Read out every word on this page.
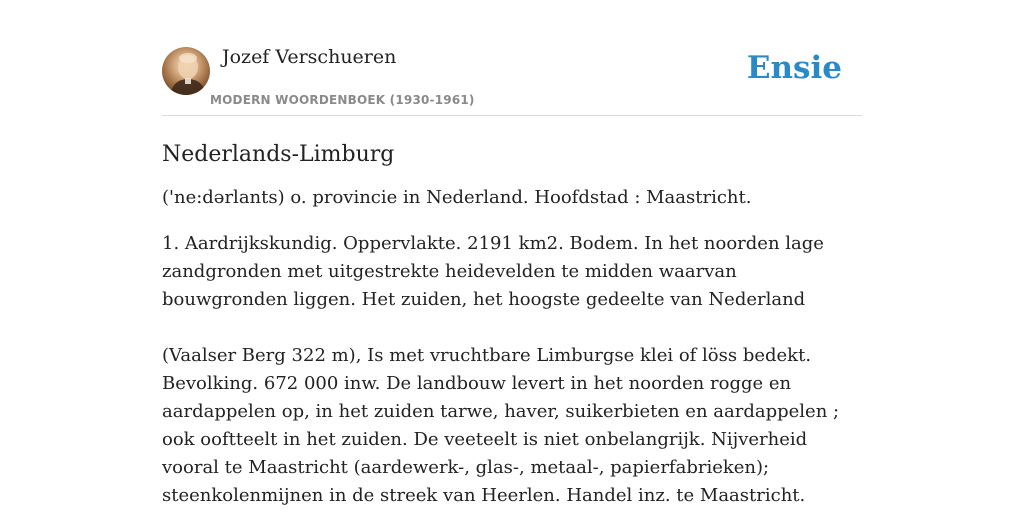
Jozef Verschueren
MODERN WOORDENBOEK (1930-1961)
Ensie
Nederlands-Limburg

('ne:dərlants) o. provincie in Nederland. Hoofdstad : Maastricht.

1. Aardrijkskundig. Oppervlakte. 2191 km2. Bodem. In het noorden lage zandgronden met uitgestrekte heidevelden te midden waarvan bouwgronden liggen. Het zuiden, het hoogste gedeelte van Nederland

(Vaalser Berg 322 m), Is met vruchtbare Limburgse klei of löss bedekt. Bevolking. 672 000 inw. De landbouw levert in het noorden rogge en aardappelen op, in het zuiden tarwe, haver, suikerbieten en aardappelen ; ook ooftteelt in het zuiden. De veeteelt is niet onbelangrijk. Nijverheid vooral te Maastricht (aardewerk-, glas-, metaal-, papierfabrieken); steenkolenmijnen in de streek van Heerlen. Handel inz. te Maastricht.
